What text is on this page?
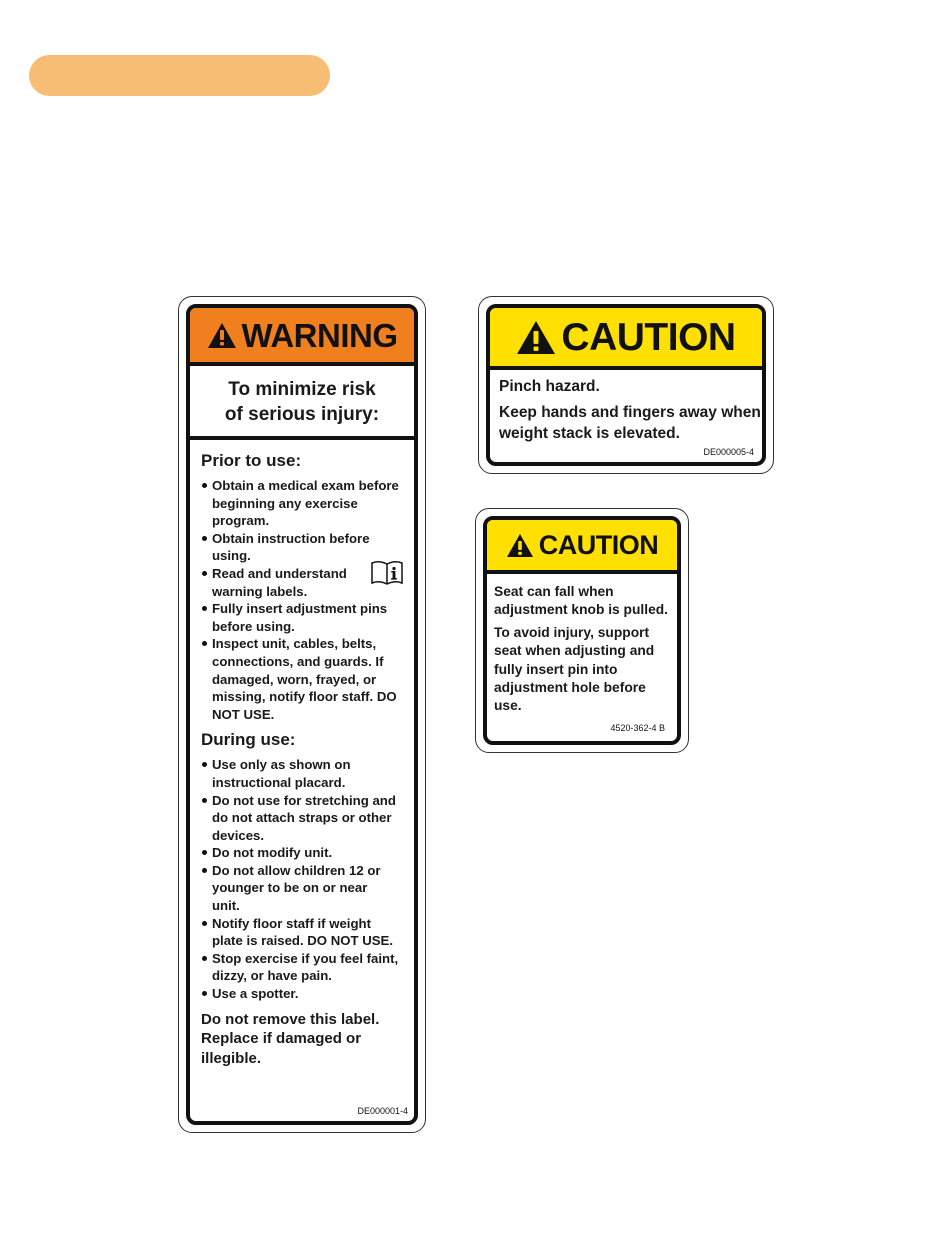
WARNING
To minimize risk
of serious injury:
Prior to use:
Obtain a medical exam before beginning any exercise program.
Obtain instruction before using.
Read and understand warning labels.
Fully insert adjustment pins before using.
Inspect unit, cables, belts, connections, and guards. If damaged, worn, frayed, or missing, notify floor staff. DO NOT USE.
During use:
Use only as shown on instructional placard.
Do not use for stretching and do not attach straps or other devices.
Do not modify unit.
Do not allow children 12 or younger to be on or near unit.
Notify floor staff if weight plate is raised. DO NOT USE.
Stop exercise if you feel faint, dizzy, or have pain.
Use a spotter.
Do not remove this label. Replace if damaged or illegible.
DE000001-4
CAUTION
Pinch hazard.
Keep hands and fingers away when weight stack is elevated.
DE000005-4
CAUTION
Seat can fall when adjustment knob is pulled.
To avoid injury, support seat when adjusting and fully insert pin into adjustment hole before use.
4520-362-4 B
